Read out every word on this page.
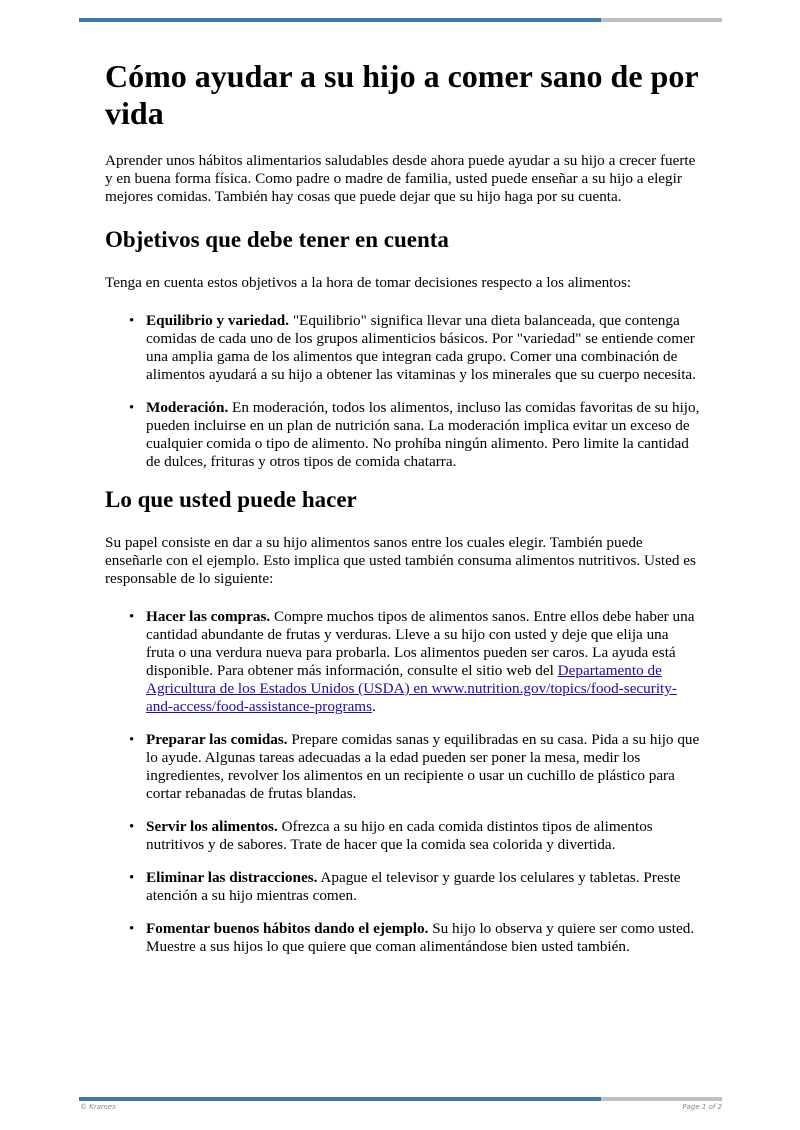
Cómo ayudar a su hijo a comer sano de por vida

Aprender unos hábitos alimentarios saludables desde ahora puede ayudar a su hijo a crecer fuerte y en buena forma física. Como padre o madre de familia, usted puede enseñar a su hijo a elegir mejores comidas. También hay cosas que puede dejar que su hijo haga por su cuenta.

Objetivos que debe tener en cuenta

Tenga en cuenta estos objetivos a la hora de tomar decisiones respecto a los alimentos:

• Equilibrio y variedad. "Equilibrio" significa llevar una dieta balanceada, que contenga comidas de cada uno de los grupos alimenticios básicos. Por "variedad" se entiende comer una amplia gama de los alimentos que integran cada grupo. Comer una combinación de alimentos ayudará a su hijo a obtener las vitaminas y los minerales que su cuerpo necesita.
• Moderación. En moderación, todos los alimentos, incluso las comidas favoritas de su hijo, pueden incluirse en un plan de nutrición sana. La moderación implica evitar un exceso de cualquier comida o tipo de alimento. No prohíba ningún alimento. Pero limite la cantidad de dulces, frituras y otros tipos de comida chatarra.
Lo que usted puede hacer

Su papel consiste en dar a su hijo alimentos sanos entre los cuales elegir. También puede enseñarle con el ejemplo. Esto implica que usted también consuma alimentos nutritivos. Usted es responsable de lo siguiente:

• Hacer las compras. Compre muchos tipos de alimentos sanos. Entre ellos debe haber una cantidad abundante de frutas y verduras. Lleve a su hijo con usted y deje que elija una fruta o una verdura nueva para probarla. Los alimentos pueden ser caros. La ayuda está disponible. Para obtener más información, consulte el sitio web del Departamento de Agricultura de los Estados Unidos (USDA) en www.nutrition.gov/topics/food-security-and-access/food-assistance-programs.
• Preparar las comidas. Prepare comidas sanas y equilibradas en su casa. Pida a su hijo que lo ayude. Algunas tareas adecuadas a la edad pueden ser poner la mesa, medir los ingredientes, revolver los alimentos en un recipiente o usar un cuchillo de plástico para cortar rebanadas de frutas blandas.
• Servir los alimentos. Ofrezca a su hijo en cada comida distintos tipos de alimentos nutritivos y de sabores. Trate de hacer que la comida sea colorida y divertida.
• Eliminar las distracciones. Apague el televisor y guarde los celulares y tabletas. Preste atención a su hijo mientras comen.
• Fomentar buenos hábitos dando el ejemplo. Su hijo lo observa y quiere ser como usted. Muestre a sus hijos lo que quiere que coman alimentándose bien usted también.
© Krames	Page 1 of 2
